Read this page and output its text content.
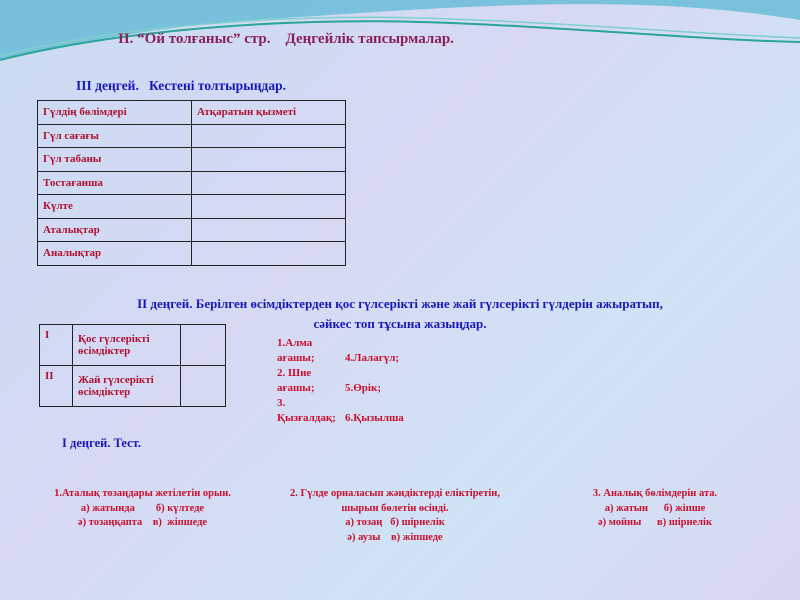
II. “Ой толғаныс” стр.    Деңгейлік тапсырмалар.
III деңгей.   Кестені толтырыңдар.
Гүлдің бөлімдері	Атқаратын қызметі
Гүл сағағы	
Гүл табаны	
Тостағанша	
Күлте	
Аталықтар	
Аналықтар	
II деңгей. Берілген өсімдіктерден қос гүлсерікті және жай гүлсерікті гүлдерін ажыратып,
сәйкес топ тұсына жазыңдар.
I	Қос гүлсерікті өсімдіктер	
II	Жай гүлсерікті өсімдіктер	
1.Алма ағашы;	4.Лалагүл;
2. Шие ағашы;	5.Өрік;
3. Қызғалдақ; 6.Қызылша
I деңгей. Тест.
1.Аталық тозаңдары жетілетін орын.
а) жатында        б) күлтеде
ә) тозаңқапта    в)  жіпшеде
2. Гүлде орналасып жәндіктерді еліктіретін,
шырын бөлетін өсінді.
а) тозаң   б) шірнелік
ә) аузы    в) жіпшеде
3. Аналық бөлімдерін ата.
а) жатын      б) жіпше
ә) мойны      в) шірнелік
